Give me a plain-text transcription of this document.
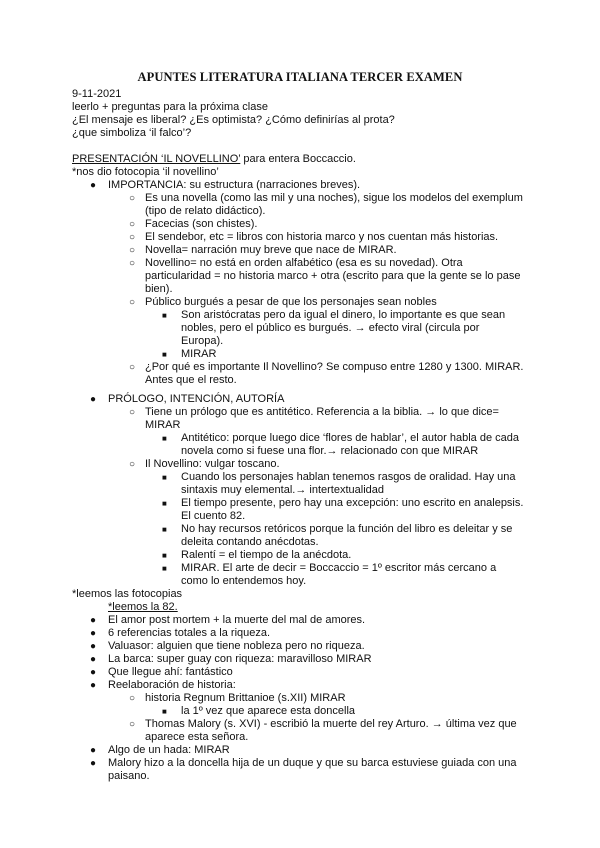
APUNTES LITERATURA ITALIANA TERCER EXAMEN
9-11-2021
leerlo + preguntas para la próxima clase
¿El mensaje es liberal? ¿Es optimista? ¿Cómo definirías al prota?
¿que simboliza ‘il falco’?
PRESENTACIÓN ‘IL NOVELLINO’ para entera Boccaccio.
*nos dio fotocopia ‘il novellino’
● IMPORTANCIA: su estructura (narraciones breves).
○ Es una novella (como las mil y una noches), sigue los modelos del exemplum
(tipo de relato didáctico).
○ Facecias (son chistes).
○ El sendebor, etc = libros con historia marco y nos cuentan más historias.
○ Novella= narración muy breve que nace de MIRAR.
○ Novellino= no está en orden alfabético (esa es su novedad). Otra
particularidad = no historia marco + otra (escrito para que la gente se lo pase
bien).
○ Público burgués a pesar de que los personajes sean nobles
■ Son aristócratas pero da igual el dinero, lo importante es que sean
nobles, pero el público es burgués. → efecto viral (circula por
Europa).
■ MIRAR
○ ¿Por qué es importante Il Novellino? Se compuso entre 1280 y 1300. MIRAR.
Antes que el resto.
● PRÓLOGO, INTENCIÓN, AUTORÍA
○ Tiene un prólogo que es antitético. Referencia a la biblia. → lo que dice=
MIRAR
■ Antitético: porque luego dice ‘flores de hablar’, el autor habla de cada
novela como si fuese una flor.→ relacionado con que MIRAR
○ Il Novellino: vulgar toscano.
■ Cuando los personajes hablan tenemos rasgos de oralidad. Hay una
sintaxis muy elemental.→ intertextualidad
■ El tiempo presente, pero hay una excepción: uno escrito en analepsis.
El cuento 82.
■ No hay recursos retóricos porque la función del libro es deleitar y se
deleita contando anécdotas.
■ Ralentí = el tiempo de la anécdota.
■ MIRAR. El arte de decir = Boccaccio = 1º escritor más cercano a
como lo entendemos hoy.
*leemos las fotocopias
*leemos la 82.
● El amor post mortem + la muerte del mal de amores.
● 6 referencias totales a la riqueza.
● Valuasor: alguien que tiene nobleza pero no riqueza.
● La barca: super guay con riqueza: maravilloso MIRAR
● Que llegue ahí: fantástico
● Reelaboración de historia:
○ historia Regnum Brittanioe (s.XII) MIRAR
■ la 1º vez que aparece esta doncella
○ Thomas Malory (s. XVI) - escribió la muerte del rey Arturo. → última vez que
aparece esta señora.
● Algo de un hada: MIRAR
● Malory hizo a la doncella hija de un duque y que su barca estuviese guiada con una
paisano.
